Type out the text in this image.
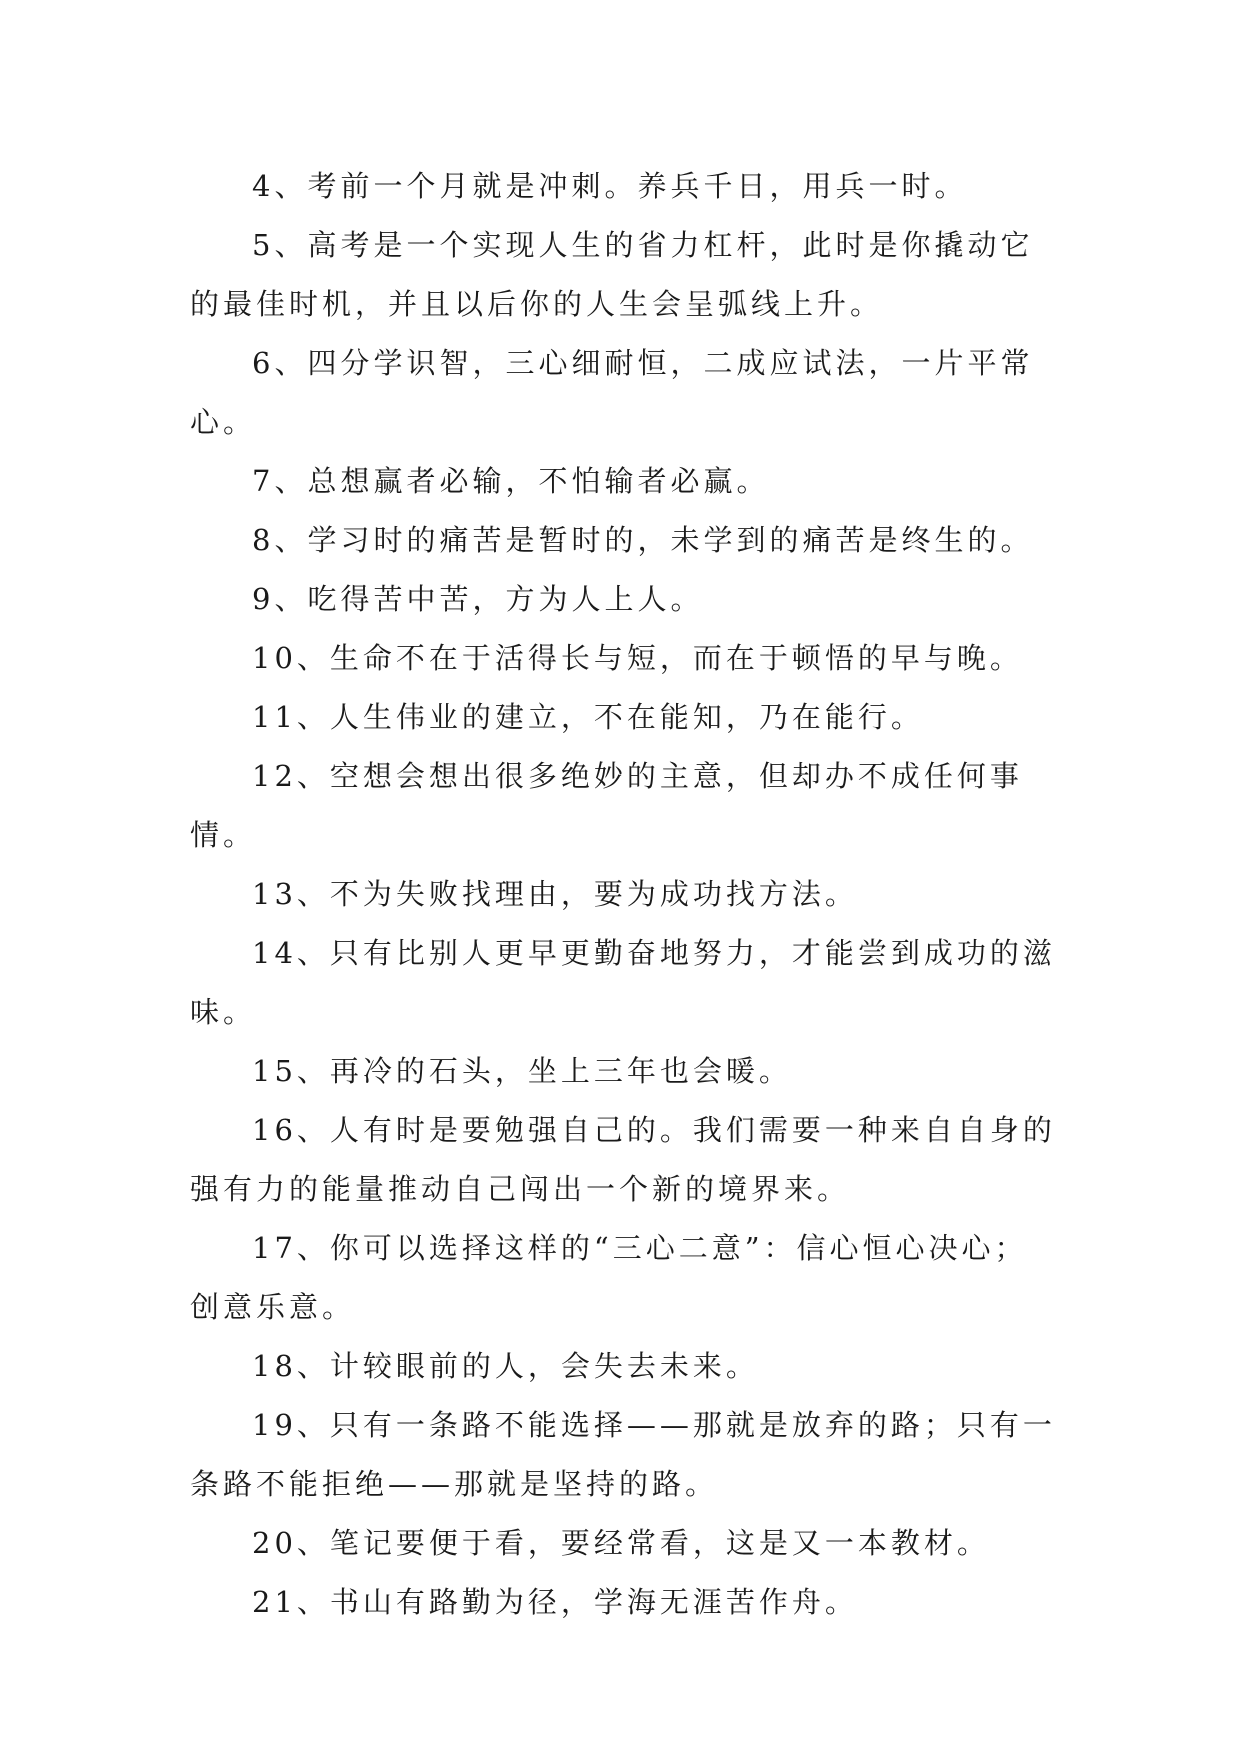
4、考前一个月就是冲刺。养兵千日，用兵一时。

5、高考是一个实现人生的省力杠杆，此时是你撬动它的最佳时机，并且以后你的人生会呈弧线上升。

6、四分学识智，三心细耐恒，二成应试法，一片平常心。

7、总想赢者必输，不怕输者必赢。

8、学习时的痛苦是暂时的，未学到的痛苦是终生的。

9、吃得苦中苦，方为人上人。

10、生命不在于活得长与短，而在于顿悟的早与晚。

11、人生伟业的建立，不在能知，乃在能行。

12、空想会想出很多绝妙的主意，但却办不成任何事情。

13、不为失败找理由，要为成功找方法。

14、只有比别人更早更勤奋地努力，才能尝到成功的滋味。

15、再冷的石头，坐上三年也会暖。

16、人有时是要勉强自己的。我们需要一种来自自身的强有力的能量推动自己闯出一个新的境界来。

17、你可以选择这样的“三心二意”：信心恒心决心；创意乐意。

18、计较眼前的人，会失去未来。

19、只有一条路不能选择——那就是放弃的路；只有一条路不能拒绝——那就是坚持的路。

20、笔记要便于看，要经常看，这是又一本教材。

21、书山有路勤为径，学海无涯苦作舟。
